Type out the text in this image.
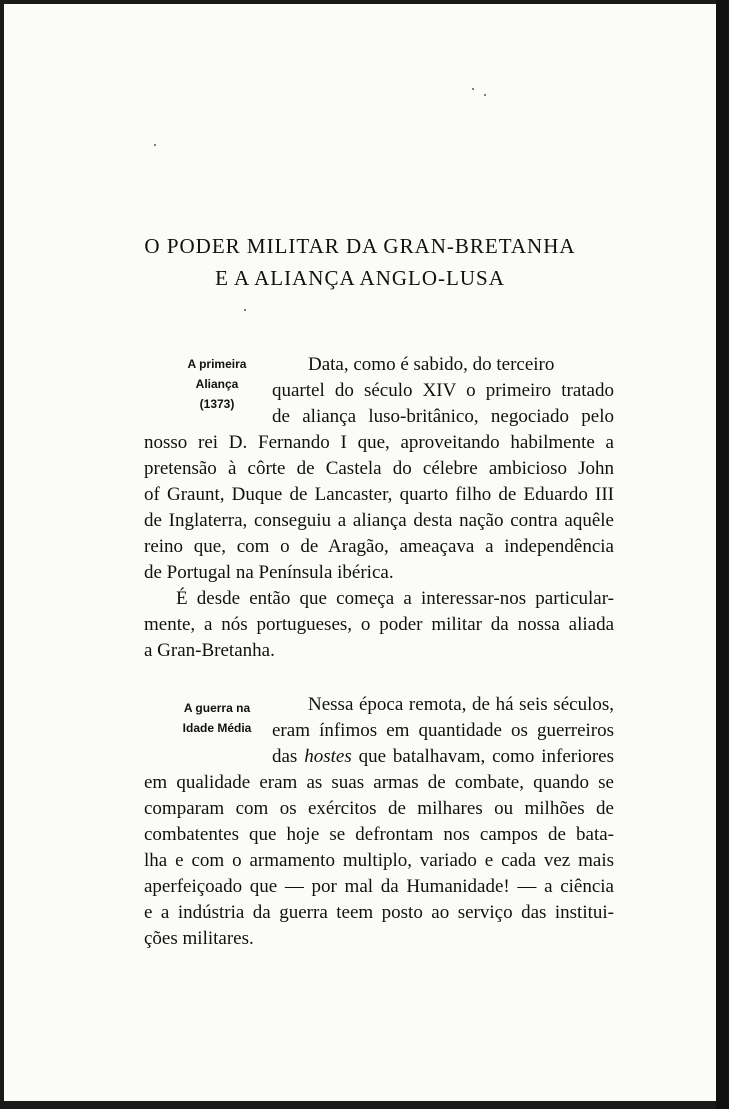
O PODER MILITAR DA GRAN-BRETANHA
E A ALIANÇA ANGLO-LUSA
A primeira
Aliança
(1373)
Data, como é sabido, do terceiro
quartel do século XIV o primeiro tratado
de aliança luso-britânico, negociado pelo
nosso rei D. Fernando I que, aproveitando habilmente a
pretensão à côrte de Castela do célebre ambicioso John
of Graunt, Duque de Lancaster, quarto filho de Eduardo III
de Inglaterra, conseguiu a aliança desta nação contra aquêle
reino que, com o de Aragão, ameaçava a independência
de Portugal na Península ibérica.
É desde então que começa a interessar-nos particular-
mente, a nós portugueses, o poder militar da nossa aliada
a Gran-Bretanha.
A guerra na
Idade Média
Nessa época remota, de há seis séculos,
eram ínfimos em quantidade os guerreiros
das hostes que batalhavam, como inferiores
em qualidade eram as suas armas de combate, quando se
comparam com os exércitos de milhares ou milhões de
combatentes que hoje se defrontam nos campos de bata-
lha e com o armamento multiplo, variado e cada vez mais
aperfeiçoado que — por mal da Humanidade! — a ciência
e a indústria da guerra teem posto ao serviço das institui-
ções militares.
